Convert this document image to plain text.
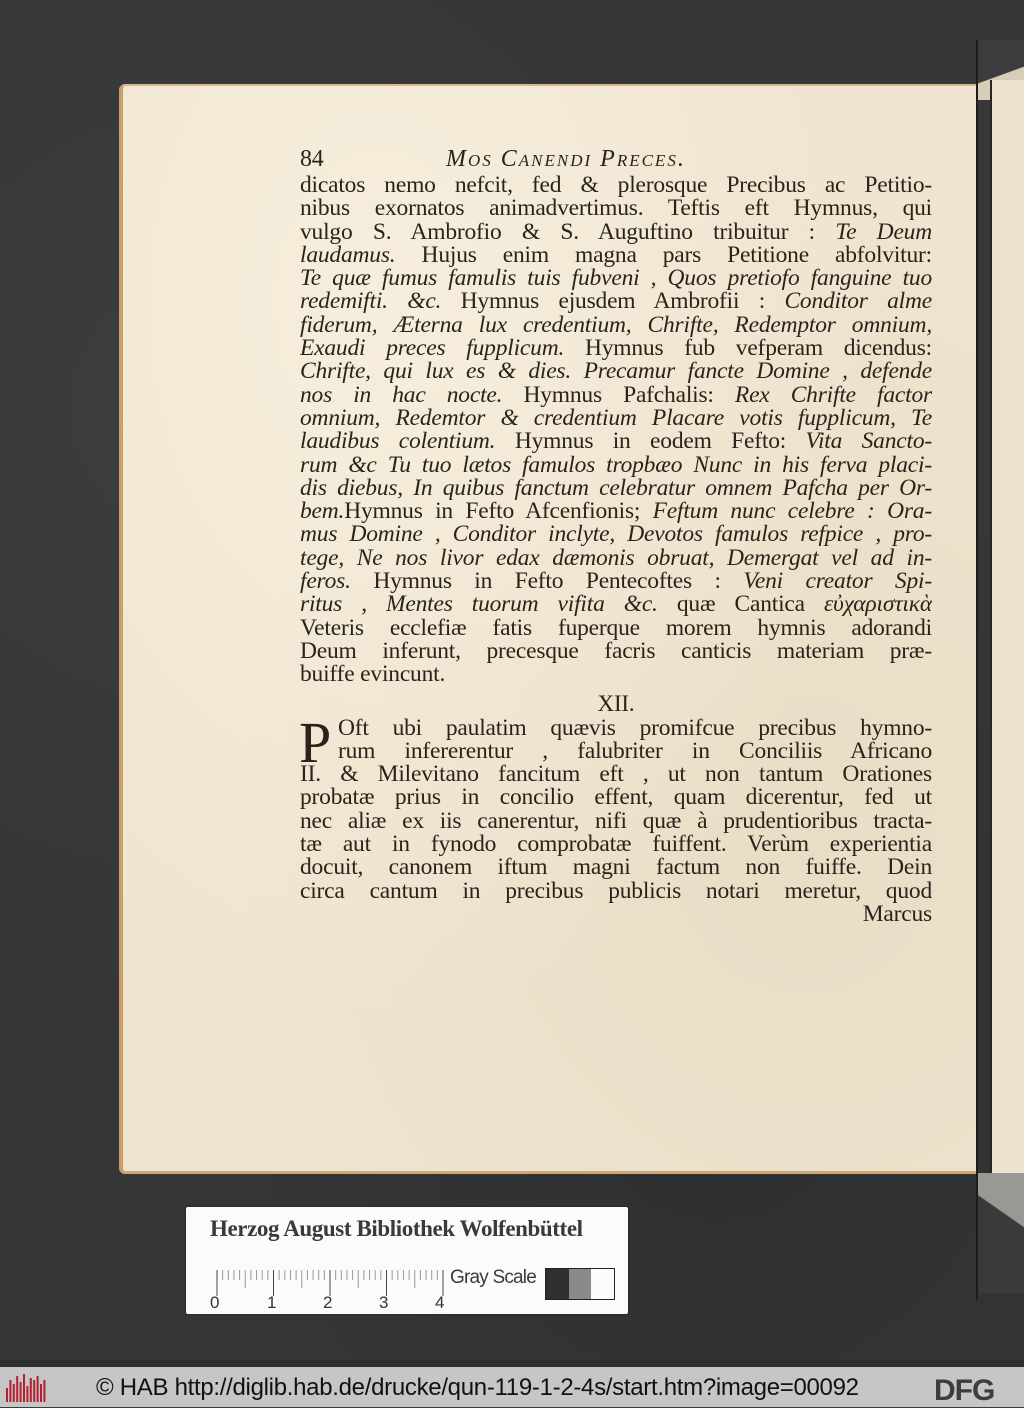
84	Mos Canendi Preces.
dicatos nemo nefcit, fed & plerosque Precibus ac Petitio-
nibus exornatos animadvertimus. Teftis eft Hymnus, qui
vulgo S. Ambrofio & S. Auguftino tribuitur : Te Deum
laudamus. Hujus enim magna pars Petitione abfolvitur:
Te quæ fumus famulis tuis fubveni , Quos pretiofo fanguine tuo
redemifti. &c. Hymnus ejusdem Ambrofii : Conditor alme
fiderum, Æterna lux credentium, Chrifte, Redemptor omnium,
Exaudi preces fupplicum. Hymnus fub vefperam dicendus:
Chrifte, qui lux es & dies. Precamur fancte Domine , defende
nos in hac nocte. Hymnus Pafchalis: Rex Chrifte factor
omnium, Redemtor & credentium Placare votis fupplicum, Te
laudibus colentium. Hymnus in eodem Fefto: Vita Sancto-
rum &c Tu tuo lætos famulos tropbæo Nunc in his ferva placi-
dis diebus, In quibus fanctum celebratur omnem Pafcha per Or-
bem.Hymnus in Fefto Afcenfionis; Feftum nunc celebre : Ora-
mus Domine , Conditor inclyte, Devotos famulos refpice , pro-
tege, Ne nos livor edax dæmonis obruat, Demergat vel ad in-
feros. Hymnus in Fefto Pentecoftes : Veni creator Spi-
ritus , Mentes tuorum vifita &c. quæ Cantica εὐχαριστικὰ
Veteris ecclefiæ fatis fuperque morem hymnis adorandi
Deum inferunt, precesque facris canticis materiam præ-
buiffe evincunt.
XII.
P Oft ubi paulatim quævis promifcue precibus hymno-
rum infererentur , falubriter in Conciliis Africano
II. & Milevitano fancitum eft , ut non tantum Orationes
probatæ prius in concilio effent, quam dicerentur, fed ut
nec aliæ ex iis canerentur, nifi quæ à prudentioribus tracta-
tæ aut in fynodo comprobatæ fuiffent. Verùm experientia
docuit, canonem iftum magni factum non fuiffe. Dein
circa cantum in precibus publicis notari meretur, quod
Marcus
Herzog August Bibliothek Wolfenbüttel
0	1	2	3	4
Gray Scale
© HAB http://diglib.hab.de/drucke/qun-119-1-2-4s/start.htm?image=00092	DFG
